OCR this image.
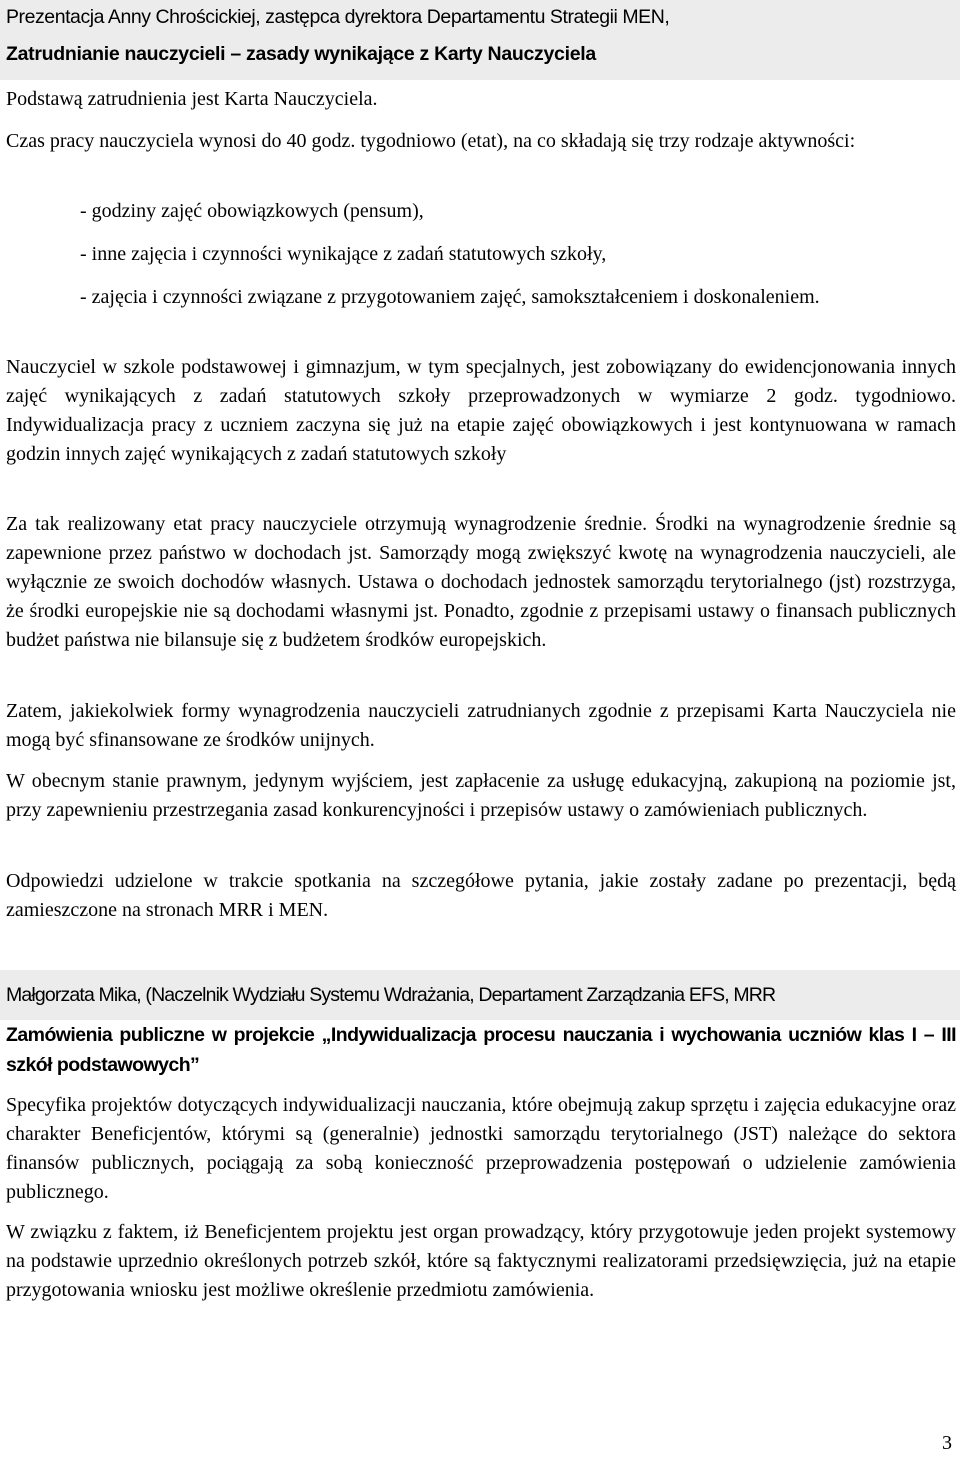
Prezentacja Anny Chrościckiej, zastępca dyrektora Departamentu Strategii MEN,
Zatrudnianie nauczycieli – zasady wynikające z Karty Nauczyciela

Podstawą zatrudnienia jest Karta Nauczyciela.

Czas pracy nauczyciela wynosi do 40 godz. tygodniowo (etat), na co składają się trzy rodzaje aktywności:

- godziny zajęć obowiązkowych (pensum),

- inne zajęcia i czynności wynikające z zadań statutowych szkoły,

- zajęcia i czynności związane z przygotowaniem zajęć, samokształceniem i doskonaleniem.

Nauczyciel w szkole podstawowej i gimnazjum, w tym specjalnych, jest zobowiązany do ewidencjonowania innych zajęć wynikających z zadań statutowych szkoły przeprowadzonych w wymiarze 2 godz. tygodniowo. Indywidualizacja pracy z uczniem zaczyna się już na etapie zajęć obowiązkowych i jest kontynuowana w ramach godzin innych zajęć wynikających z zadań statutowych szkoły

Za tak realizowany etat pracy nauczyciele otrzymują wynagrodzenie średnie. Środki na wynagrodzenie średnie są zapewnione przez państwo w dochodach jst. Samorządy mogą zwiększyć kwotę na wynagrodzenia nauczycieli, ale wyłącznie ze swoich dochodów własnych. Ustawa o dochodach jednostek samorządu terytorialnego (jst) rozstrzyga, że środki europejskie nie są dochodami własnymi jst. Ponadto, zgodnie z przepisami ustawy o finansach publicznych budżet państwa nie bilansuje się z budżetem środków europejskich.

Zatem, jakiekolwiek formy wynagrodzenia nauczycieli zatrudnianych zgodnie z przepisami Karta Nauczyciela nie mogą być sfinansowane ze środków unijnych.

W obecnym stanie prawnym, jedynym wyjściem, jest zapłacenie za usługę edukacyjną, zakupioną na poziomie jst, przy zapewnieniu przestrzegania zasad konkurencyjności i przepisów ustawy o zamówieniach publicznych.

Odpowiedzi udzielone w trakcie spotkania na szczegółowe pytania, jakie zostały zadane po prezentacji, będą zamieszczone na stronach MRR i MEN.

Małgorzata Mika, (Naczelnik Wydziału Systemu Wdrażania, Departament Zarządzania EFS, MRR
Zamówienia publiczne w projekcie „Indywidualizacja procesu nauczania i wychowania uczniów klas I – III szkół podstawowych”

Specyfika projektów dotyczących indywidualizacji nauczania, które obejmują zakup sprzętu i zajęcia edukacyjne oraz charakter Beneficjentów, którymi są (generalnie) jednostki samorządu terytorialnego (JST) należące do sektora finansów publicznych, pociągają za sobą konieczność przeprowadzenia postępowań o udzielenie zamówienia publicznego.

W związku z faktem, iż Beneficjentem projektu jest organ prowadzący, który przygotowuje jeden projekt systemowy na podstawie uprzednio określonych potrzeb szkół, które są faktycznymi realizatorami przedsięwzięcia, już na etapie przygotowania wniosku jest możliwe określenie przedmiotu zamówienia.

3
